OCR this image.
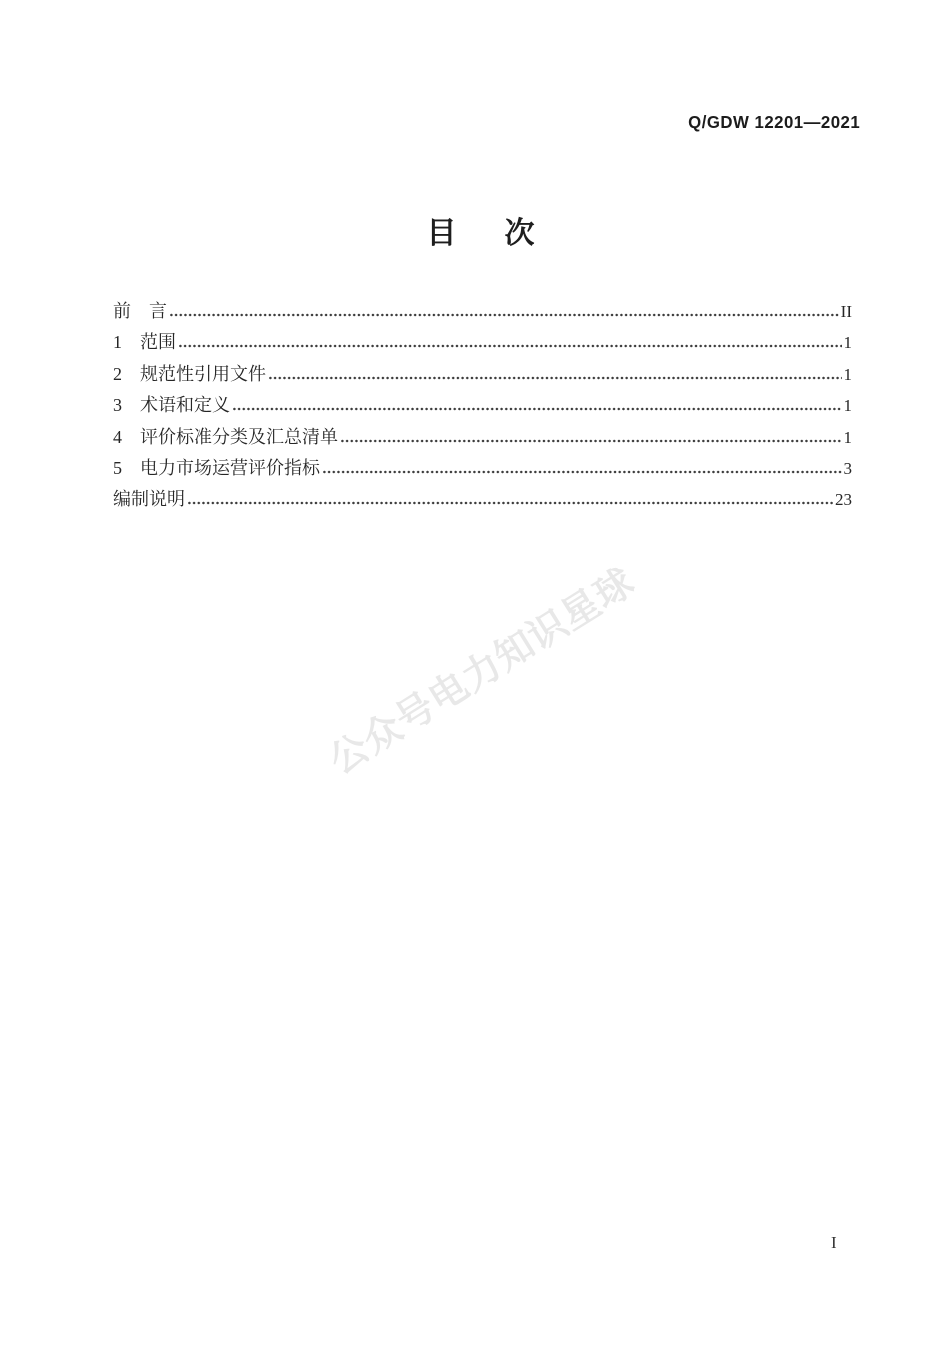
Q/GDW 12201—2021
目　次
前　言	II
1　范围	1
2　规范性引用文件	1
3　术语和定义	1
4　评价标准分类及汇总清单	1
5　电力市场运营评价指标	3
编制说明	23
公众号电力知识星球
I
